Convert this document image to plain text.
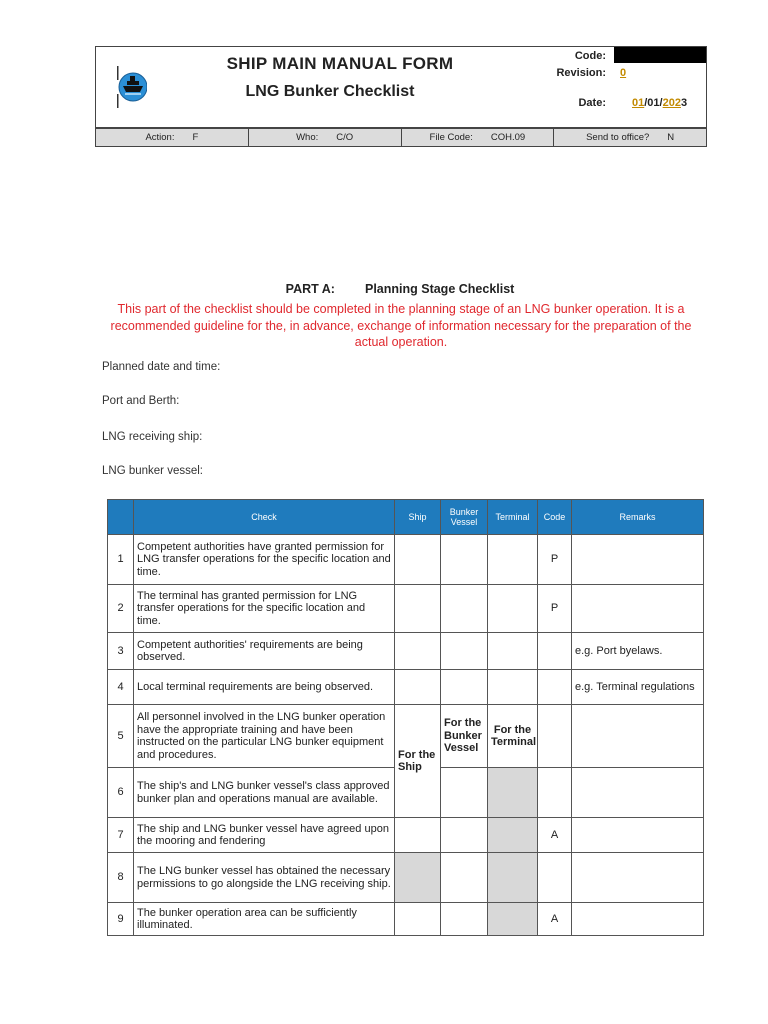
SHIP MAIN MANUAL FORM
LNG Bunker Checklist
Code:
Revision: 0
Date: 01/01/2023
Action: F	Who: C/O	File Code: COH.09	Send to office? N
PART A: Planning Stage Checklist
This part of the checklist should be completed in the planning stage of an LNG bunker operation. It is a recommended guideline for the, in advance, exchange of information necessary for the preparation of the actual operation.
Planned date and time:
Port and Berth:
LNG receiving ship:
LNG bunker vessel:
	Check	Ship	Bunker Vessel	Terminal	Code	Remarks
1	Competent authorities have granted permission for LNG transfer operations for the specific location and time.				P	
2	The terminal has granted permission for LNG transfer operations for the specific location and time.				P	
3	Competent authorities' requirements are being observed.					e.g. Port byelaws.
4	Local terminal requirements are being observed.					e.g. Terminal regulations
5	All personnel involved in the LNG bunker operation have the appropriate training and have been instructed on the particular LNG bunker equipment and procedures.	For the Ship	For the Bunker Vessel	For the Terminal		
6	The ship's and LNG bunker vessel's class approved bunker plan and operations manual are available.					
7	The ship and LNG bunker vessel have agreed upon the mooring and fendering				A	
8	The LNG bunker vessel has obtained the necessary permissions to go alongside the LNG receiving ship.					
9	The bunker operation area can be sufficiently illuminated.				A	
